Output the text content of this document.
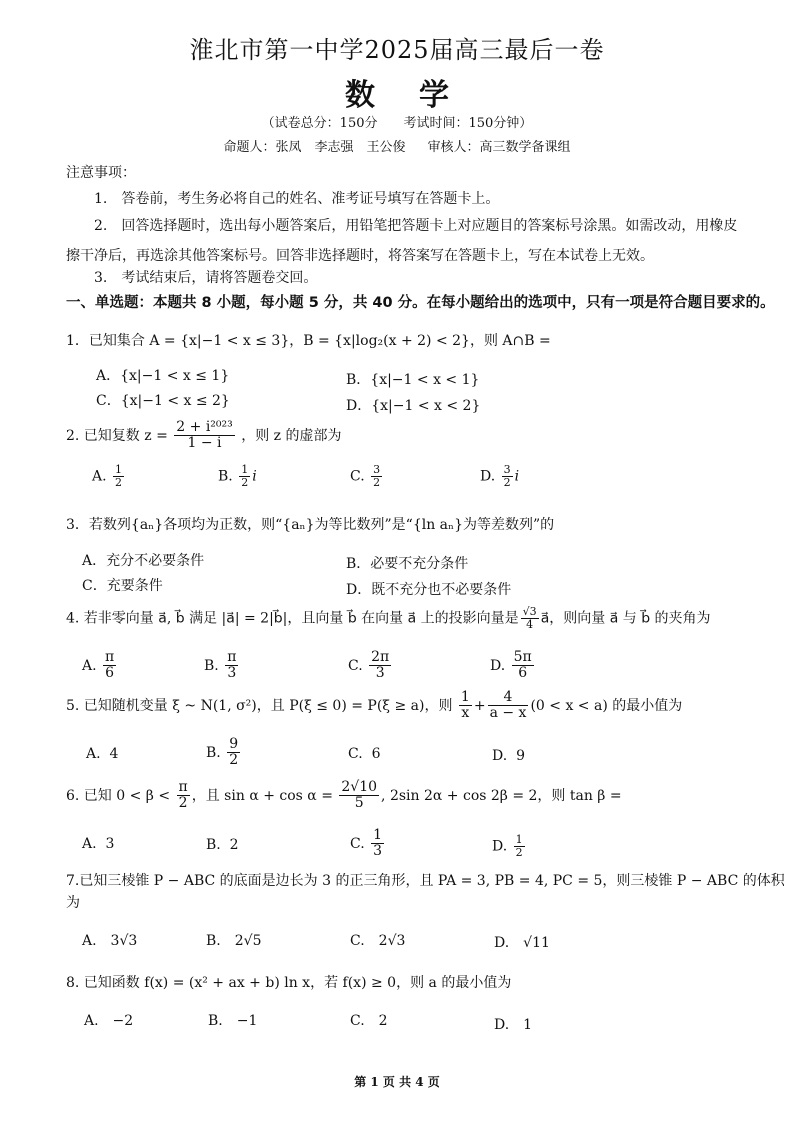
淮北市第一中学2025届高三最后一卷
数学
（试卷总分：150分　　考试时间：150分钟）
命题人：张凤　李志强　王公俊 审核人：高三数学备课组
注意事项：
1.　答卷前，考生务必将自己的姓名、准考证号填写在答题卡上。
2.　回答选择题时，选出每小题答案后，用铅笔把答题卡上对应题目的答案标号涂黑。如需改动，用橡皮擦干净后，再选涂其他答案标号。回答非选择题时，将答案写在答题卡上，写在本试卷上无效。
3.　考试结束后，请将答题卷交回。
一、单选题：本题共 8 小题，每小题 5 分，共 40 分。在每小题给出的选项中，只有一项是符合题目要求的。
1．已知集合 A = {x|−1 < x ≤ 3}，B = {x|log₂(x + 2) < 2}，则 A∩B =
A．{x|−1 < x ≤ 1}	B．{x|−1 < x < 1}
C．{x|−1 < x ≤ 2}	D．{x|−1 < x < 2}
2. 已知复数 $z = \frac{\text{2 + i²⁰²³}}{1 - i}$ ，则 z 的虚部为
A. $\frac{1}{2}$	B. $\frac{1}{2}$ i	C. $\frac{3}{2}$	D. $\frac{3}{2}$ i
3．若数列{aₙ}各项均为正数，则“{aₙ}为等比数列”是“{ln aₙ}为等差数列”的
A．充分不必要条件	B．必要不充分条件
C．充要条件	D．既不充分也不必要条件
4. 若非零向量 a⃗, b⃗ 满足 |a⃗| = 2|b⃗|，且向量 b⃗ 在向量 a⃗ 上的投影向量是 $\frac{√3}{4}$ a⃗，则向量 a⃗ 与 b⃗ 的夹角为
A. $\frac{\pi}{6}$	B. $\frac{\pi}{3}$	C. $\frac{2\pi}{3}$	D. $\frac{5\pi}{6}$
5. 已知随机变量 ξ ~ N(1, σ²)，且 P(ξ ≤ 0) = P(ξ ≥ a)，则 $\frac{1}{x} + \frac{4}{a - x} (0 < x < a)$ 的最小值为
A. 4	B. $\frac{9}{2}$	C. 6	D. 9
6. 已知 $0 < \beta < \frac{\pi}{2}$ ，且 $\sin \alpha + \cos \alpha = \frac{2√10}{5}$ , 2sin 2α + cos 2β = 2，则 tan β =
A. 3	B. 2	C. $\frac{1}{3}$	D. $\frac{1}{2}$
7.已知三棱锥 P − ABC 的底面是边长为 3 的正三角形，且 PA = 3, PB = 4, PC = 5，则三棱锥 P − ABC 的体积
为
A.　3√3	B.　2√5	C.　2√3	D.　√11
8. 已知函数 f(x) = (x² + ax + b) ln x，若 f(x) ≥ 0，则 a 的最小值为
A.　−2	B.　−1	C.　2	D.　1
第 1 页 共 4 页
